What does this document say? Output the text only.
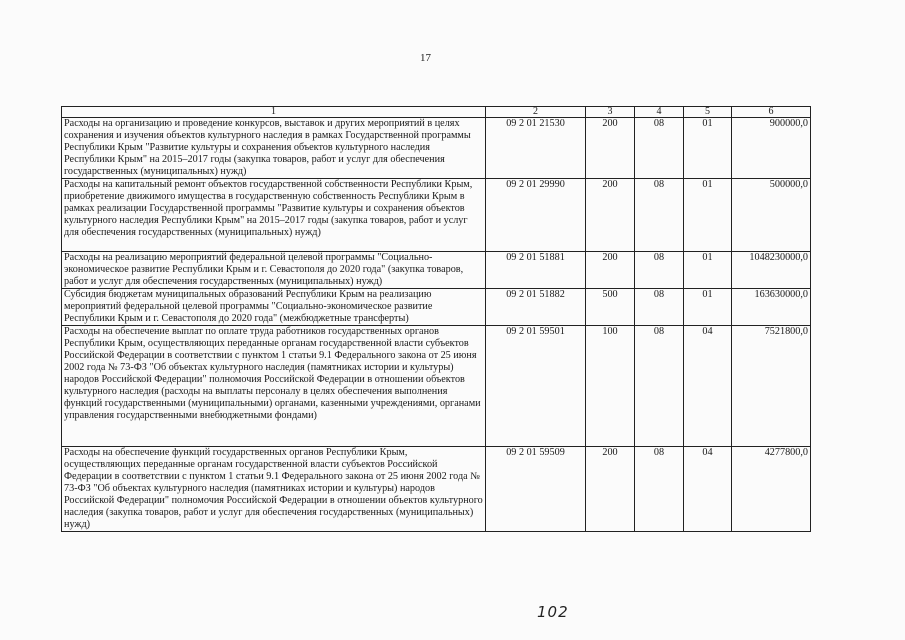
17
1	2	3	4	5	6
Расходы на организацию и проведение конкурсов, выставок и других мероприятий в целях сохранения и изучения объектов культурного наследия в рамках Государственной программы Республики Крым "Развитие культуры и сохранения объектов культурного наследия Республики Крым" на 2015–2017 годы (закупка товаров, работ и услуг для обеспечения государственных (муниципальных) нужд)	09 2 01 21530	200	08	01	900000,0
Расходы на капитальный ремонт объектов государственной собственности Республики Крым, приобретение движимого имущества в государственную собственность Республики Крым в рамках реализации Государственной программы "Развитие культуры и сохранения объектов культурного наследия Республики Крым" на 2015–2017 годы (закупка товаров, работ и услуг для обеспечения государственных (муниципальных) нужд)	09 2 01 29990	200	08	01	500000,0
Расходы на реализацию мероприятий федеральной целевой программы "Социально-экономическое развитие Республики Крым и г. Севастополя до 2020 года" (закупка товаров, работ и услуг для обеспечения государственных (муниципальных) нужд)	09 2 01 51881	200	08	01	1048230000,0
Субсидия бюджетам муниципальных образований Республики Крым на реализацию мероприятий федеральной целевой программы "Социально-экономическое развитие Республики Крым и г. Севастополя до 2020 года" (межбюджетные трансферты)	09 2 01 51882	500	08	01	163630000,0
Расходы на обеспечение выплат по оплате труда работников государственных органов Республики Крым, осуществляющих переданные органам государственной власти субъектов Российской Федерации в соответствии с пунктом 1 статьи 9.1 Федерального закона от 25 июня 2002 года № 73-ФЗ "Об объектах культурного наследия (памятниках истории и культуры) народов Российской Федерации" полномочия Российской Федерации в отношении объектов культурного наследия (расходы на выплаты персоналу в целях обеспечения выполнения функций государственными (муниципальными) органами, казенными учреждениями, органами управления государственными внебюджетными фондами)	09 2 01 59501	100	08	04	7521800,0
Расходы на обеспечение функций государственных органов Республики Крым, осуществляющих переданные органам государственной власти субъектов Российской Федерации в соответствии с пунктом 1 статьи 9.1 Федерального закона от 25 июня 2002 года № 73-ФЗ "Об объектах культурного наследия (памятниках истории и культуры) народов Российской Федерации" полномочия Российской Федерации в отношении объектов культурного наследия (закупка товаров, работ и услуг для обеспечения государственных (муниципальных) нужд)	09 2 01 59509	200	08	04	4277800,0
102
